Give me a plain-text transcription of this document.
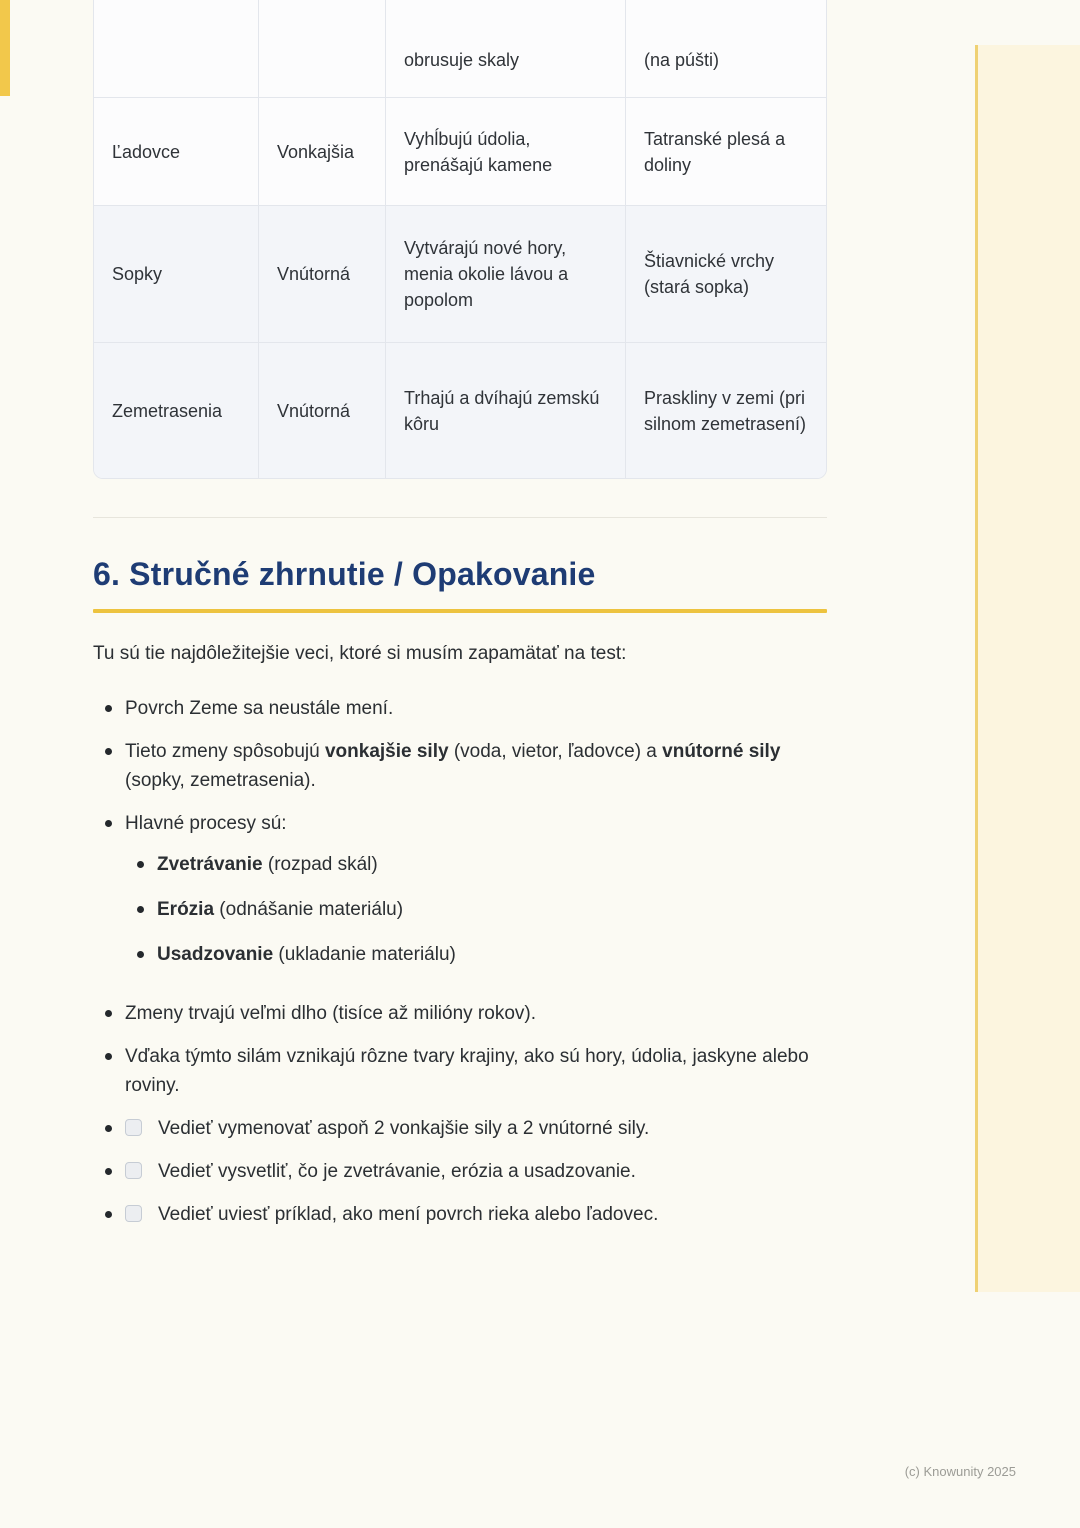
		obrusuje skaly	(na púšti)
Ľadovce	Vonkajšia	Vyhĺbujú údolia, prenášajú kamene	Tatranské plesá a doliny
Sopky	Vnútorná	Vytvárajú nové hory, menia okolie lávou a popolom	Štiavnické vrchy (stará sopka)
Zemetrasenia	Vnútorná	Trhajú a dvíhajú zemskú kôru	Praskliny v zemi (pri silnom zemetrasení)
6. Stručné zhrnutie / Opakovanie

Tu sú tie najdôležitejšie veci, ktoré si musím zapamätať na test:

Povrch Zeme sa neustále mení.
Tieto zmeny spôsobujú vonkajšie sily (voda, vietor, ľadovce) a vnútorné sily (sopky, zemetrasenia).
Hlavné procesy sú:
Zvetrávanie (rozpad skál)
Erózia (odnášanie materiálu)
Usadzovanie (ukladanie materiálu)
Zmeny trvajú veľmi dlho (tisíce až milióny rokov).
Vďaka týmto silám vznikajú rôzne tvary krajiny, ako sú hory, údolia, jaskyne alebo roviny.
Vedieť vymenovať aspoň 2 vonkajšie sily a 2 vnútorné sily.
Vedieť vysvetliť, čo je zvetrávanie, erózia a usadzovanie.
Vedieť uviesť príklad, ako mení povrch rieka alebo ľadovec.
(c) Knowunity 2025
